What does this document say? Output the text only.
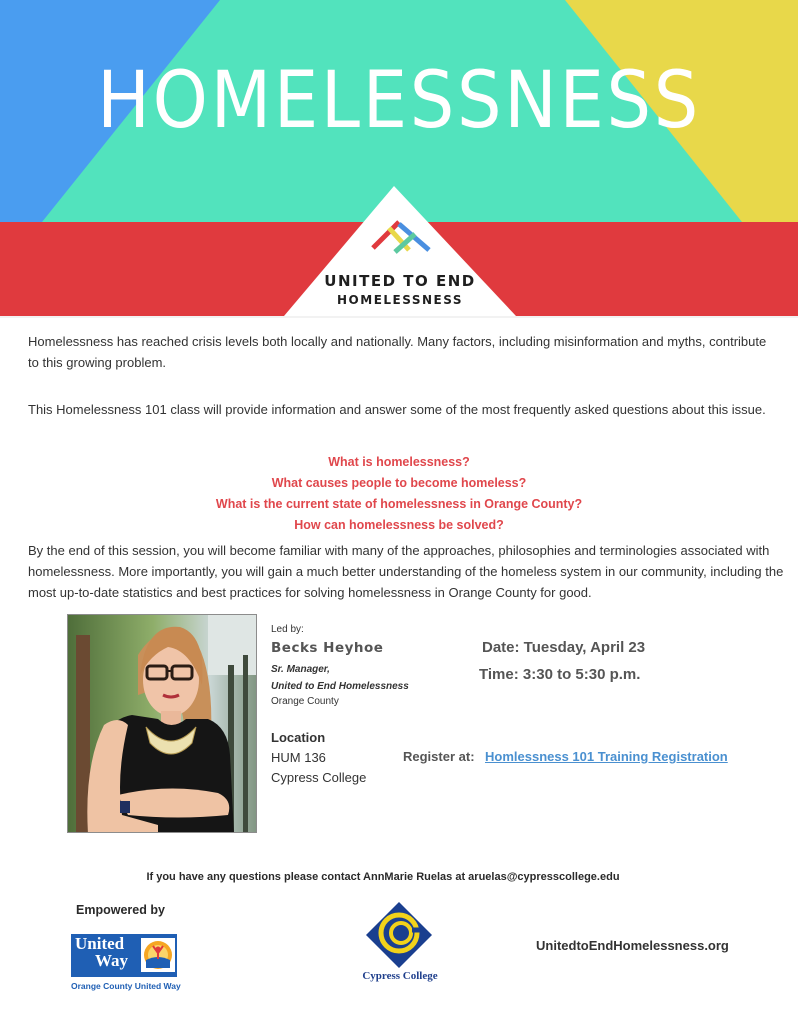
HOMELESSNESS
UNITED TO END
HOMELESSNESS

Homelessness has reached crisis levels both locally and nationally. Many factors, including misinformation and myths, contribute to this growing problem.

This Homelessness 101 class will provide information and answer some of the most frequently asked questions about this issue.

What is homelessness?
What causes people to become homeless?
What is the current state of homelessness in Orange County?
How can homelessness be solved?

By the end of this session, you will become familiar with many of the approaches, philosophies and terminologies associated with homelessness. More importantly, you will gain a much better understanding of the homeless system in our community, including the most up-to-date statistics and best practices for solving homelessness in Orange County for good.

Led by:
Becks Heyhoe
Sr. Manager,
United to End Homelessness
Orange County
Date: Tuesday, April 23
Time: 3:30 to 5:30 p.m.
Location
HUM 136
Cypress College
Register at: Homlessness 101 Training Registration
If you have any questions please contact AnnMarie Ruelas at aruelas@cypresscollege.edu
Empowered by
United
Way
Orange County United Way
Cypress College
UnitedtoEndHomelessness.org
